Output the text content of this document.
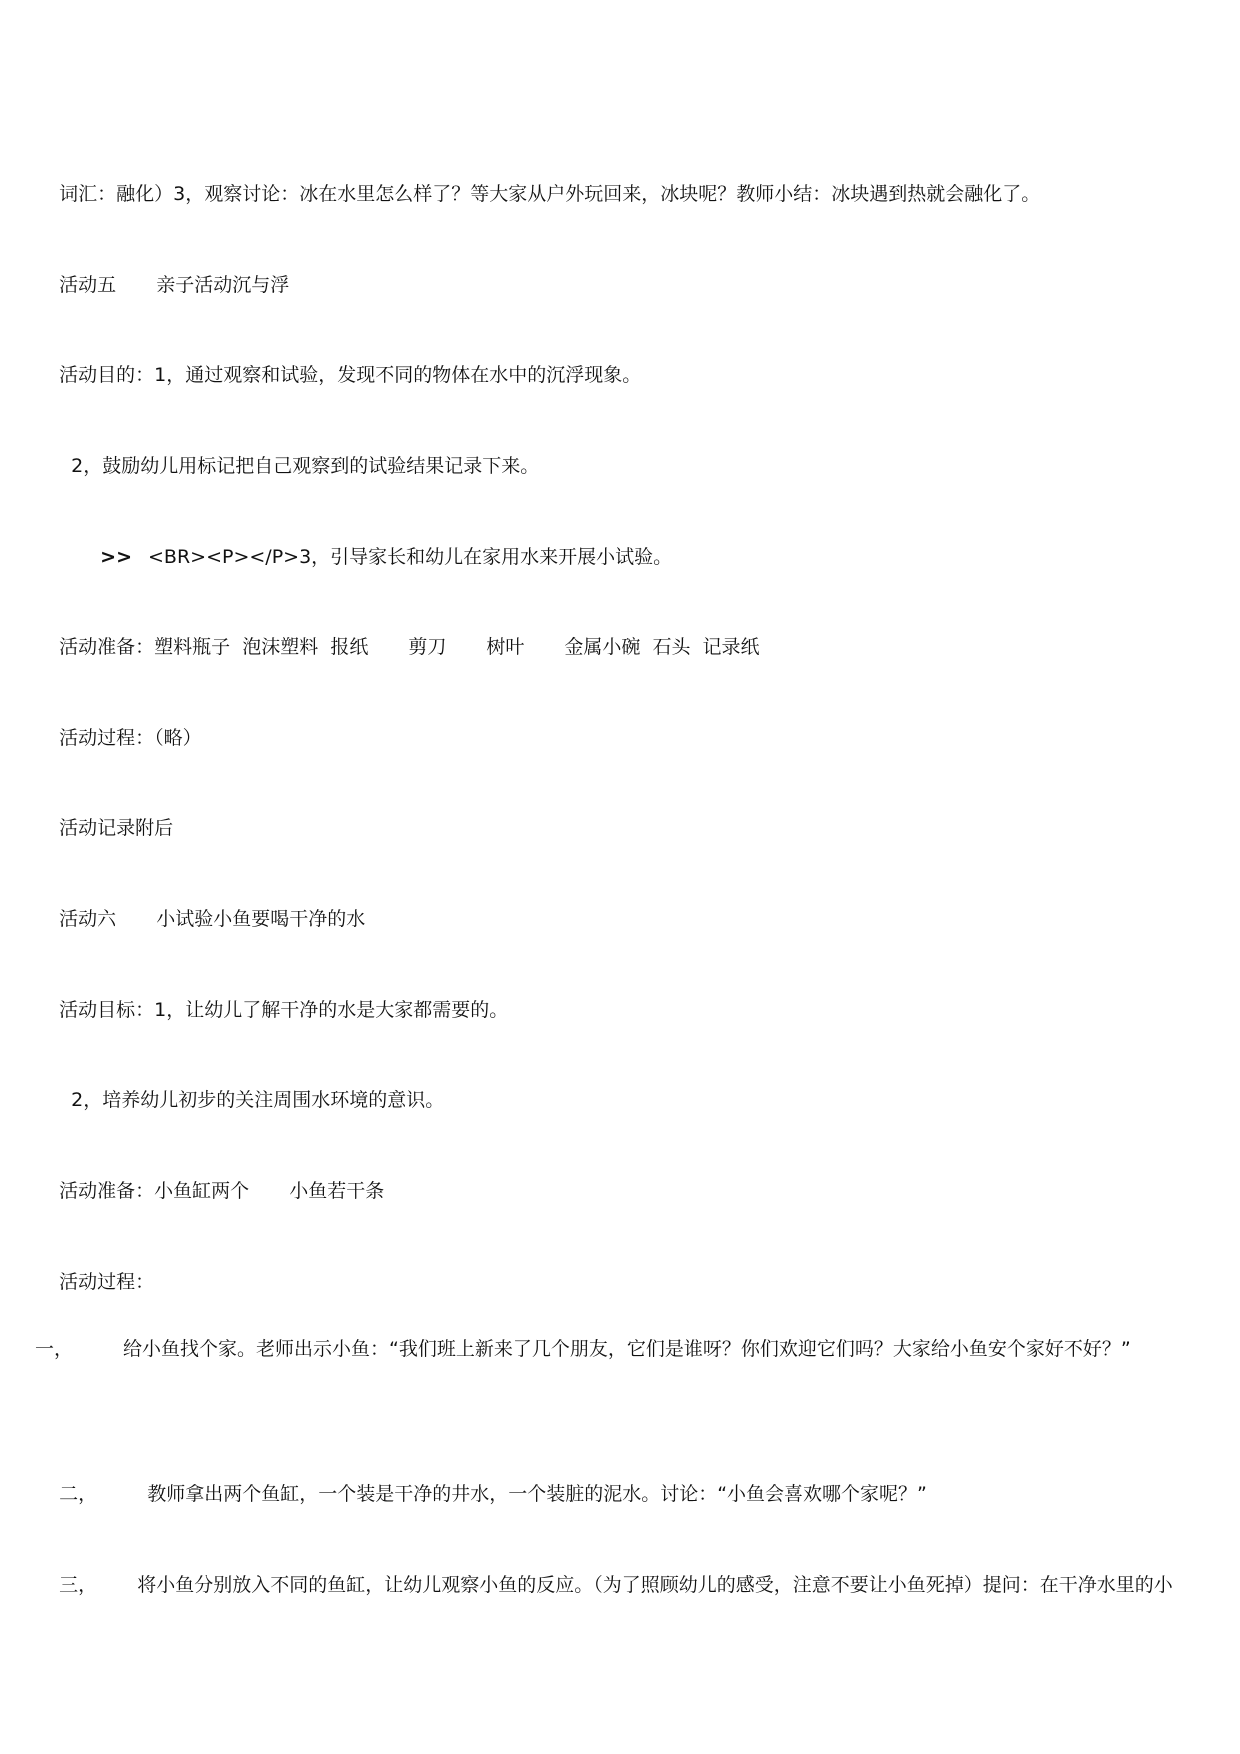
词汇：融化）3，观察讨论：冰在水里怎么样了？等大家从户外玩回来，冰块呢？教师小结：冰块遇到热就会融化了。

活动五 亲子活动沉与浮

活动目的：1，通过观察和试验，发现不同的物体在水中的沉浮现象。

2，鼓励幼儿用标记把自己观察到的试验结果记录下来。

>> <BR><P></P>3，引导家长和幼儿在家用水来开展小试验。

活动准备：塑料瓶子  泡沫塑料  报纸 剪刀 树叶 金属小碗  石头  记录纸

活动过程：（略）

活动记录附后

活动六 小试验小鱼要喝干净的水

活动目标：1，让幼儿了解干净的水是大家都需要的。

2，培养幼儿初步的关注周围水环境的意识。

活动准备：小鱼缸两个 小鱼若干条

活动过程：

一，	给小鱼找个家。老师出示小鱼：“我们班上新来了几个朋友，它们是谁呀？你们欢迎它们吗？大家给小鱼安个家好不好？”

二，	教师拿出两个鱼缸，一个装是干净的井水，一个装脏的泥水。讨论：“小鱼会喜欢哪个家呢？”

三， 将小鱼分别放入不同的鱼缸，让幼儿观察小鱼的反应。（为了照顾幼儿的感受，注意不要让小鱼死掉）提问：在干净水里的小
